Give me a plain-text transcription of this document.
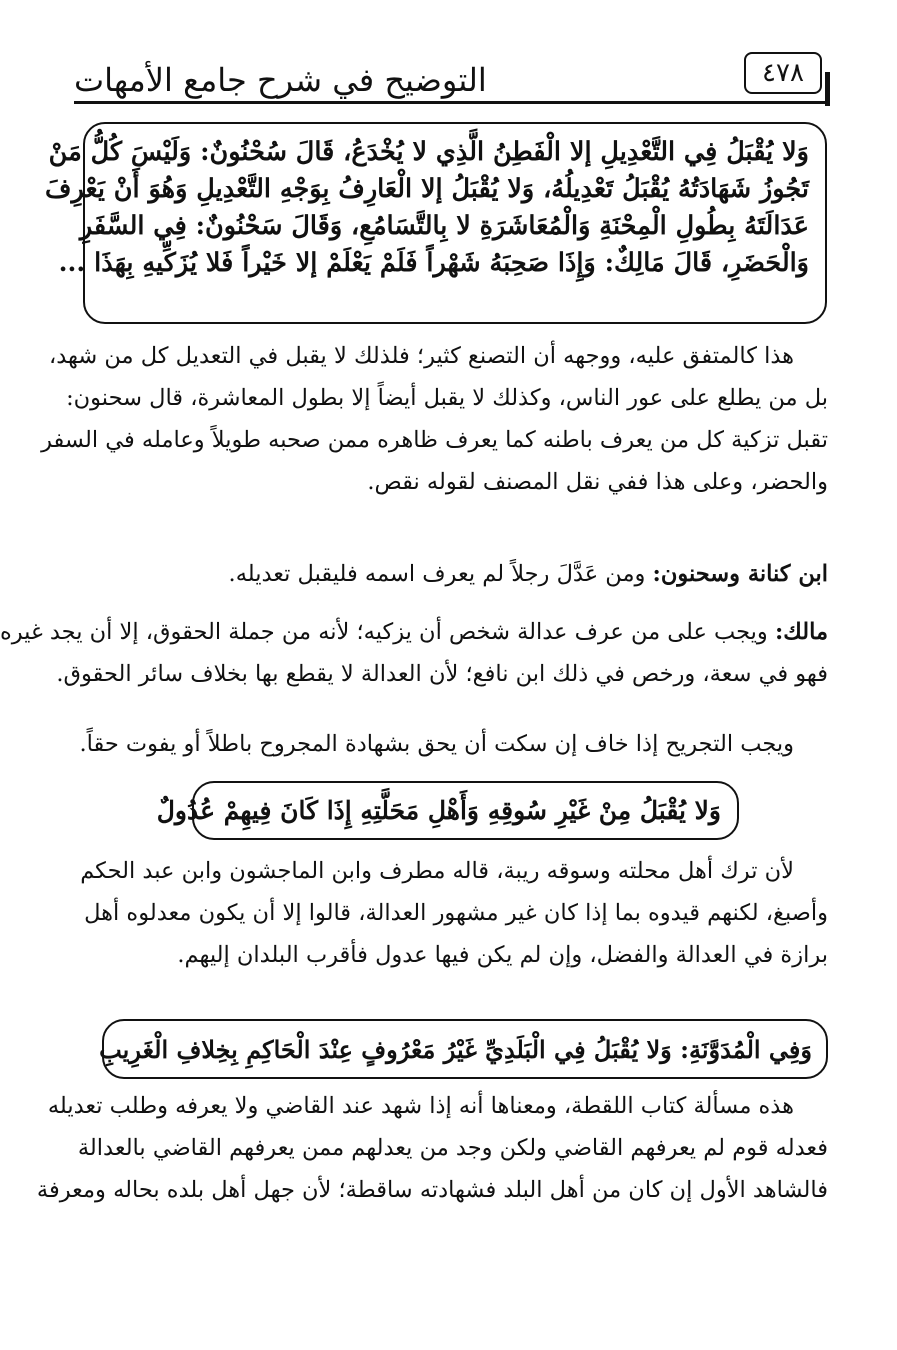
التوضيح في شرح جامع الأمهات	٤٧٨
وَلا يُقْبَلُ فِي التَّعْدِيلِ إلا الْفَطِنُ الَّذِي لا يُخْدَعُ، قَالَ سُحْنُونٌ: وَلَيْسَ كُلُّ مَنْ
تَجُوزُ شَهَادَتُهُ يُقْبَلُ تَعْدِيلُهُ، وَلا يُقْبَلُ إلا الْعَارِفُ بِوَجْهِ التَّعْدِيلِ وَهُوَ أَنْ يَعْرِفَ
عَدَالَتَهُ بِطُولِ الْمِحْنَةِ وَالْمُعَاشَرَةِ لا بِالتَّسَامُعِ، وَقَالَ سَحْنُونٌ: فِي السَّفَرِ
وَالْحَضَرِ، قَالَ مَالِكٌ: وَإِذَا صَحِبَهُ شَهْراً فَلَمْ يَعْلَمْ إلا خَيْراً فَلا يُزَكِّيهِ بِهَذَا ...
هذا كالمتفق عليه، ووجهه أن التصنع كثير؛ فلذلك لا يقبل في التعديل كل من شهد،
بل من يطلع على عور الناس، وكذلك لا يقبل أيضاً إلا بطول المعاشرة، قال سحنون:
تقبل تزكية كل من يعرف باطنه كما يعرف ظاهره ممن صحبه طويلاً وعامله في السفر
والحضر، وعلى هذا ففي نقل المصنف لقوله نقص.
ابن كنانة وسحنون: ومن عَدَّلَ رجلاً لم يعرف اسمه فليقبل تعديله.
مالك: ويجب على من عرف عدالة شخص أن يزكيه؛ لأنه من جملة الحقوق، إلا أن يجد غيره
فهو في سعة، ورخص في ذلك ابن نافع؛ لأن العدالة لا يقطع بها بخلاف سائر الحقوق.
ويجب التجريح إذا خاف إن سكت أن يحق بشهادة المجروح باطلاً أو يفوت حقاً.
وَلا يُقْبَلُ مِنْ غَيْرِ سُوقِهِ وَأَهْلِ مَحَلَّتِهِ إِذَا كَانَ فِيهِمْ عُدُولٌ
لأن ترك أهل محلته وسوقه ريبة، قاله مطرف وابن الماجشون وابن عبد الحكم
وأصبغ، لكنهم قيدوه بما إذا كان غير مشهور العدالة، قالوا إلا أن يكون معدلوه أهل
برازة في العدالة والفضل، وإن لم يكن فيها عدول فأقرب البلدان إليهم.
وَفِي الْمُدَوَّنَةِ: وَلا يُقْبَلُ فِي الْبَلَدِيِّ غَيْرُ مَعْرُوفٍ عِنْدَ الْحَاكِمِ بِخِلافِ الْغَرِيبِ
هذه مسألة كتاب اللقطة، ومعناها أنه إذا شهد عند القاضي ولا يعرفه وطلب تعديله
فعدله قوم لم يعرفهم القاضي ولكن وجد من يعدلهم ممن يعرفهم القاضي بالعدالة
فالشاهد الأول إن كان من أهل البلد فشهادته ساقطة؛ لأن جهل أهل بلده بحاله ومعرفة
